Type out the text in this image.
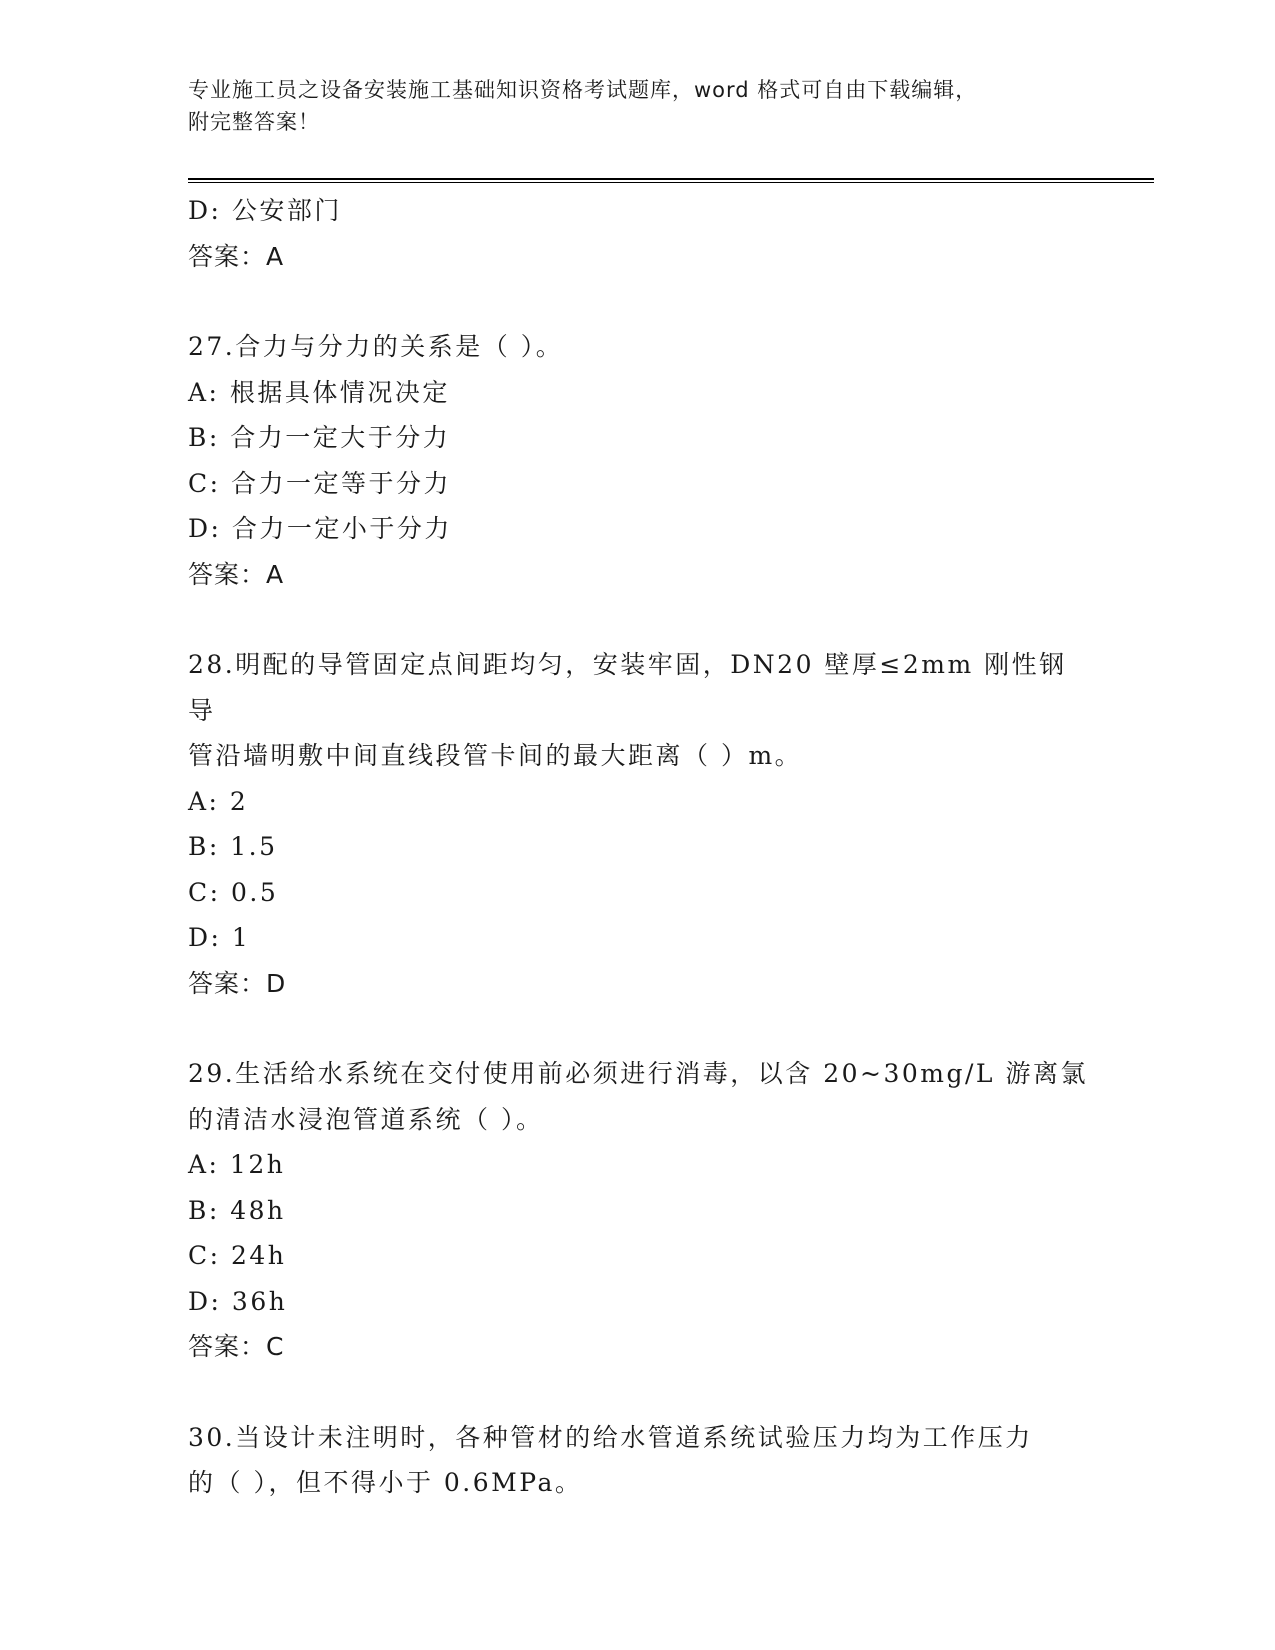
专业施工员之设备安装施工基础知识资格考试题库，word 格式可自由下载编辑，
附完整答案！
D: 公安部门
答案：A
27.合力与分力的关系是（ ）。
A: 根据具体情况决定
B: 合力一定大于分力
C: 合力一定等于分力
D: 合力一定小于分力
答案：A
28.明配的导管固定点间距均匀，安装牢固，DN20 壁厚≤2mm 刚性钢导
管沿墙明敷中间直线段管卡间的最大距离（ ）m。
A: 2
B: 1.5
C: 0.5
D: 1
答案：D
29.生活给水系统在交付使用前必须进行消毒，以含 20~30mg/L 游离氯
的清洁水浸泡管道系统（ ）。
A: 12h
B: 48h
C: 24h
D: 36h
答案：C
30.当设计未注明时，各种管材的给水管道系统试验压力均为工作压力
的（ ），但不得小于 0.6MPa。
